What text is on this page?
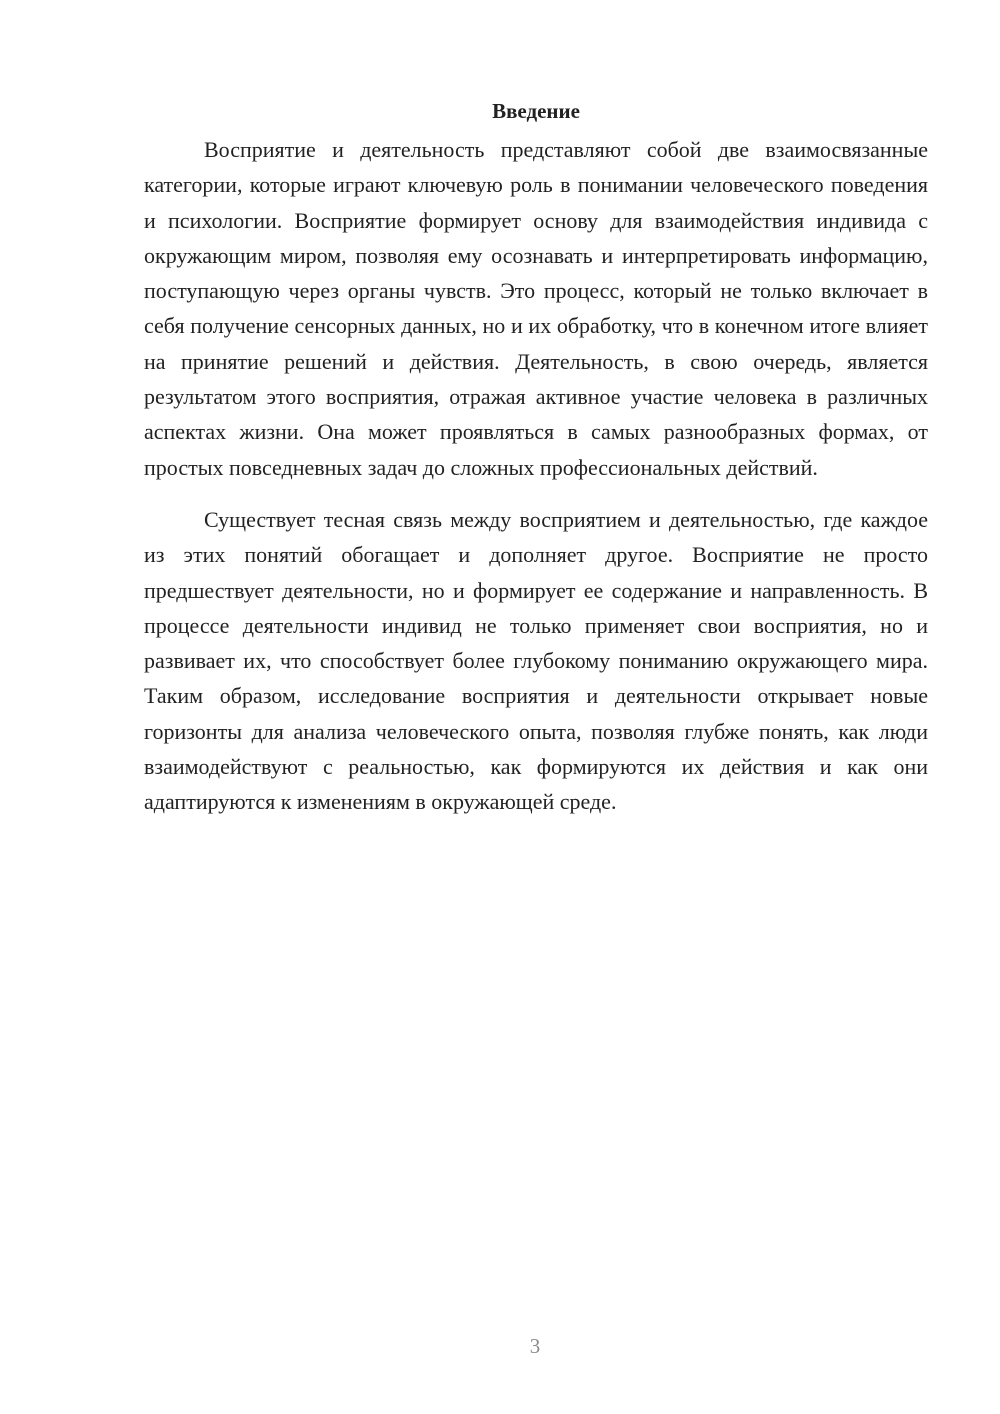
Введение

Восприятие и деятельность представляют собой две взаимосвязанные категории, которые играют ключевую роль в понимании человеческого поведения и психологии. Восприятие формирует основу для взаимодействия индивида с окружающим миром, позволяя ему осознавать и интерпретировать информацию, поступающую через органы чувств. Это процесс, который не только включает в себя получение сенсорных данных, но и их обработку, что в конечном итоге влияет на принятие решений и действия. Деятельность, в свою очередь, является результатом этого восприятия, отражая активное участие человека в различных аспектах жизни. Она может проявляться в самых разнообразных формах, от простых повседневных задач до сложных профессиональных действий.

Существует тесная связь между восприятием и деятельностью, где каждое из этих понятий обогащает и дополняет другое. Восприятие не просто предшествует деятельности, но и формирует ее содержание и направленность. В процессе деятельности индивид не только применяет свои восприятия, но и развивает их, что способствует более глубокому пониманию окружающего мира. Таким образом, исследование восприятия и деятельности открывает новые горизонты для анализа человеческого опыта, позволяя глубже понять, как люди взаимодействуют с реальностью, как формируются их действия и как они адаптируются к изменениям в окружающей среде.

3
